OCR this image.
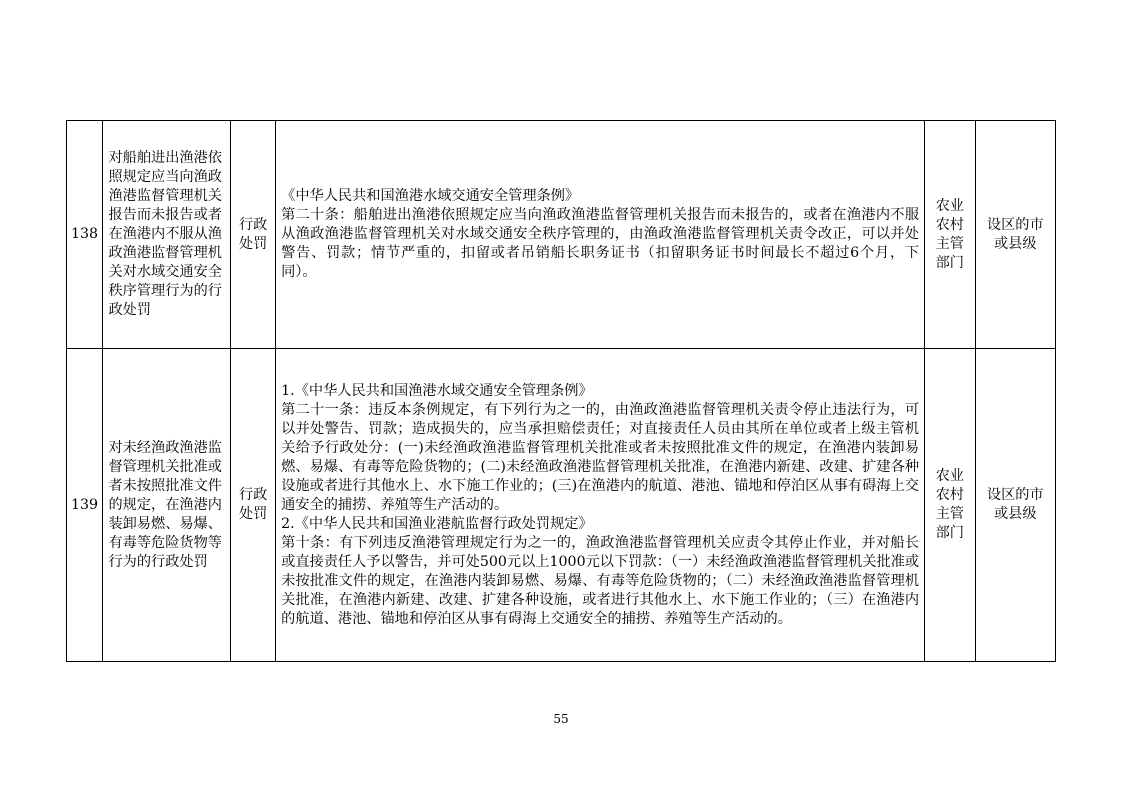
138	对船舶进出渔港依照规定应当向渔政渔港监督管理机关报告而未报告或者在渔港内不服从渔政渔港监督管理机关对水域交通安全秩序管理行为的行政处罚	行政处罚	《中华人民共和国渔港水域交通安全管理条例》
第二十条：船舶进出渔港依照规定应当向渔政渔港监督管理机关报告而未报告的，或者在渔港内不服从渔政渔港监督管理机关对水域交通安全秩序管理的，由渔政渔港监督管理机关责令改正，可以并处警告、罚款；情节严重的，扣留或者吊销船长职务证书（扣留职务证书时间最长不超过6个月，下同）。	农业农村主管部门	设区的市或县级
139	对未经渔政渔港监督管理机关批准或者未按照批准文件的规定，在渔港内装卸易燃、易爆、有毒等危险货物等行为的行政处罚	行政处罚	1.《中华人民共和国渔港水域交通安全管理条例》
第二十一条：违反本条例规定，有下列行为之一的，由渔政渔港监督管理机关责令停止违法行为，可以并处警告、罚款；造成损失的，应当承担赔偿责任；对直接责任人员由其所在单位或者上级主管机关给予行政处分：(一)未经渔政渔港监督管理机关批准或者未按照批准文件的规定，在渔港内装卸易燃、易爆、有毒等危险货物的；(二)未经渔政渔港监督管理机关批准，在渔港内新建、改建、扩建各种设施或者进行其他水上、水下施工作业的；(三)在渔港内的航道、港池、锚地和停泊区从事有碍海上交通安全的捕捞、养殖等生产活动的。
2.《中华人民共和国渔业港航监督行政处罚规定》
第十条：有下列违反渔港管理规定行为之一的，渔政渔港监督管理机关应责令其停止作业，并对船长或直接责任人予以警告，并可处500元以上1000元以下罚款：（一）未经渔政渔港监督管理机关批准或未按批准文件的规定，在渔港内装卸易燃、易爆、有毒等危险货物的；（二）未经渔政渔港监督管理机关批准，在渔港内新建、改建、扩建各种设施，或者进行其他水上、水下施工作业的；（三）在渔港内的航道、港池、锚地和停泊区从事有碍海上交通安全的捕捞、养殖等生产活动的。	农业农村主管部门	设区的市或县级
55
